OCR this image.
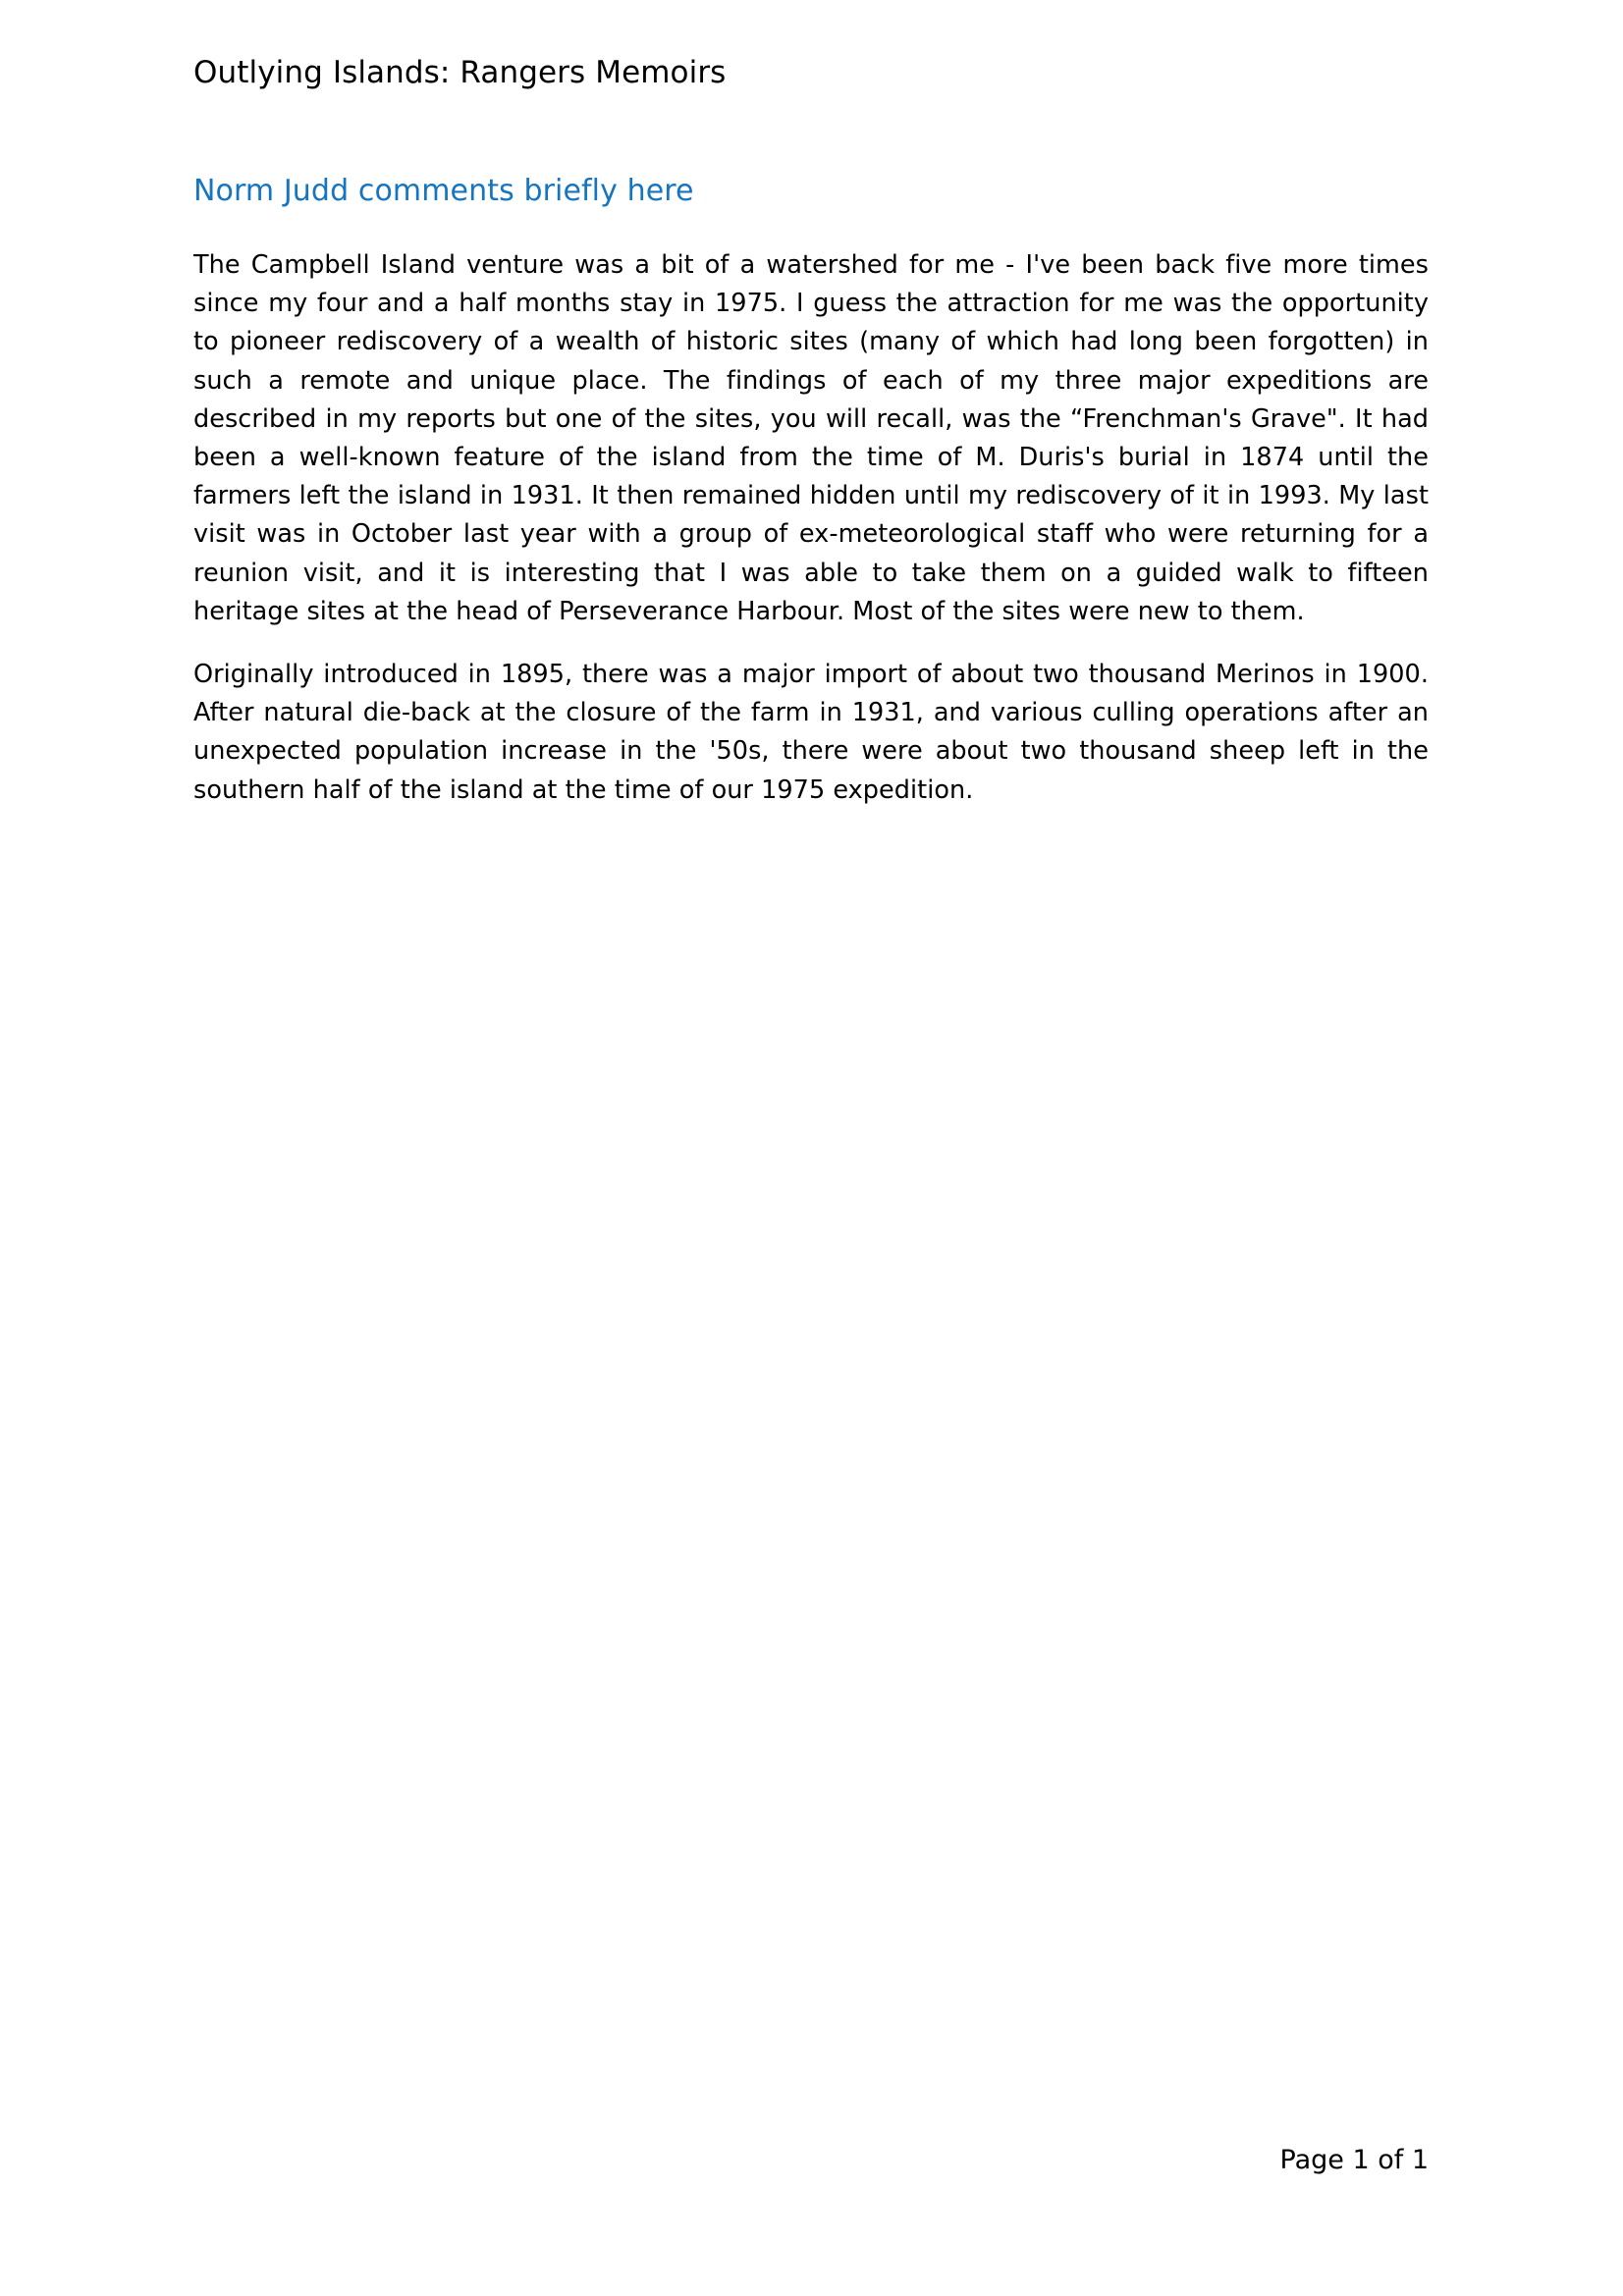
Outlying Islands: Rangers Memoirs
Norm Judd comments briefly here

The Campbell Island venture was a bit of a watershed for me - I've been back five more times since my four and a half months stay in 1975. I guess the attraction for me was the opportunity to pioneer rediscovery of a wealth of historic sites (many of which had long been forgotten) in such a remote and unique place. The findings of each of my three major expeditions are described in my reports but one of the sites, you will recall, was the “Frenchman's Grave". It had been a well-known feature of the island from the time of M. Duris's burial in 1874 until the farmers left the island in 1931. It then remained hidden until my rediscovery of it in 1993. My last visit was in October last year with a group of ex-meteorological staff who were returning for a reunion visit, and it is interesting that I was able to take them on a guided walk to fifteen heritage sites at the head of Perseverance Harbour. Most of the sites were new to them.

Originally introduced in 1895, there was a major import of about two thousand Merinos in 1900. After natural die-back at the closure of the farm in 1931, and various culling operations after an unexpected population increase in the '50s, there were about two thousand sheep left in the southern half of the island at the time of our 1975 expedition.

Page 1 of 1
